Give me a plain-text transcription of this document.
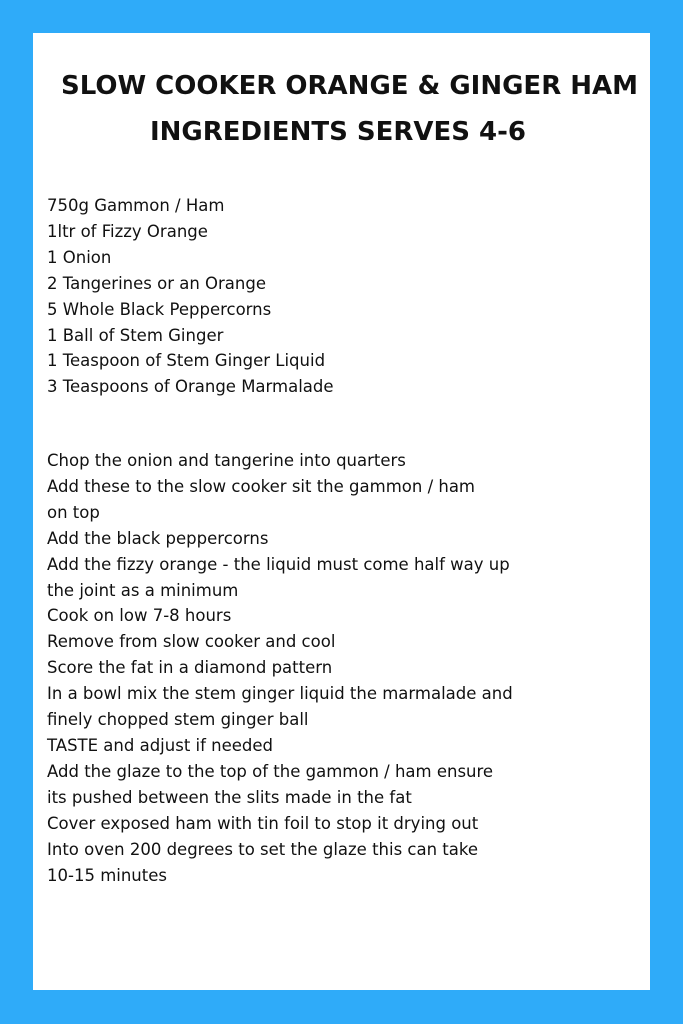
SLOW COOKER ORANGE & GINGER HAM
INGREDIENTS SERVES 4-6
750g Gammon / Ham
1ltr of Fizzy Orange
1 Onion
2 Tangerines or an Orange
5 Whole Black Peppercorns
1 Ball of Stem Ginger
1 Teaspoon of Stem Ginger Liquid
3 Teaspoons of Orange Marmalade
Chop the onion and tangerine into quarters
Add these to the slow cooker sit the gammon / ham
on top
Add the black peppercorns
Add the fizzy orange - the liquid must come half way up
the joint as a minimum
Cook on low 7-8 hours
Remove from slow cooker and cool
Score the fat in a diamond pattern
In a bowl mix the stem ginger liquid the marmalade and
finely chopped stem ginger ball
TASTE and adjust if needed
Add the glaze to the top of the gammon / ham ensure
its pushed between the slits made in the fat
Cover exposed ham with tin foil to stop it drying out
Into oven 200 degrees to set the glaze this can take
10-15 minutes
